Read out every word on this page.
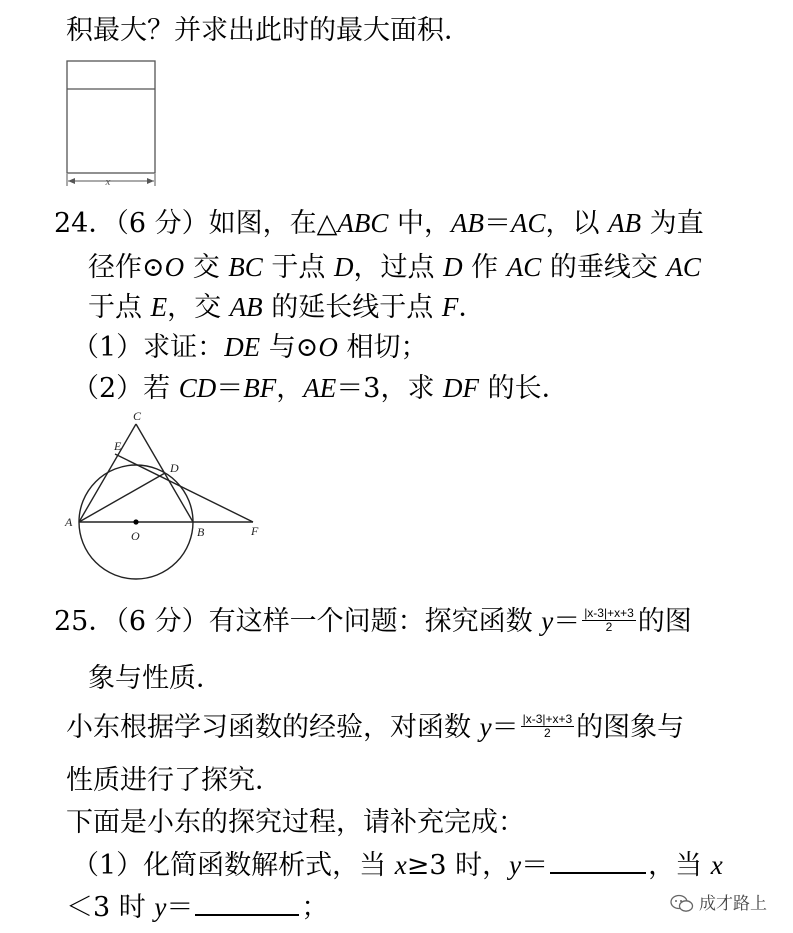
积最大？并求出此时的最大面积．
x
24．（6 分）如图，在△ABC 中，AB＝AC，以 AB 为直
径作⊙O 交 BC 于点 D，过点 D 作 AC 的垂线交 AC
于点 E，交 AB 的延长线于点 F．
（1）求证：DE 与⊙O 相切；
（2）若 CD＝BF，AE＝3，求 DF 的长．
C
E
D
A
O	B	F
25．（6 分）有这样一个问题：探究函数 $y= \frac{|x-3|+x+3}{2}$ 的图
象与性质．
小东根据学习函数的经验，对函数 $y= \frac{|x-3|+x+3}{2}$ 的图象与
性质进行了探究．
下面是小东的探究过程，请补充完成：
（1）化简函数解析式，当 x≥3 时，y＝	，当 x
＜3 时 y＝	；	成才路上
